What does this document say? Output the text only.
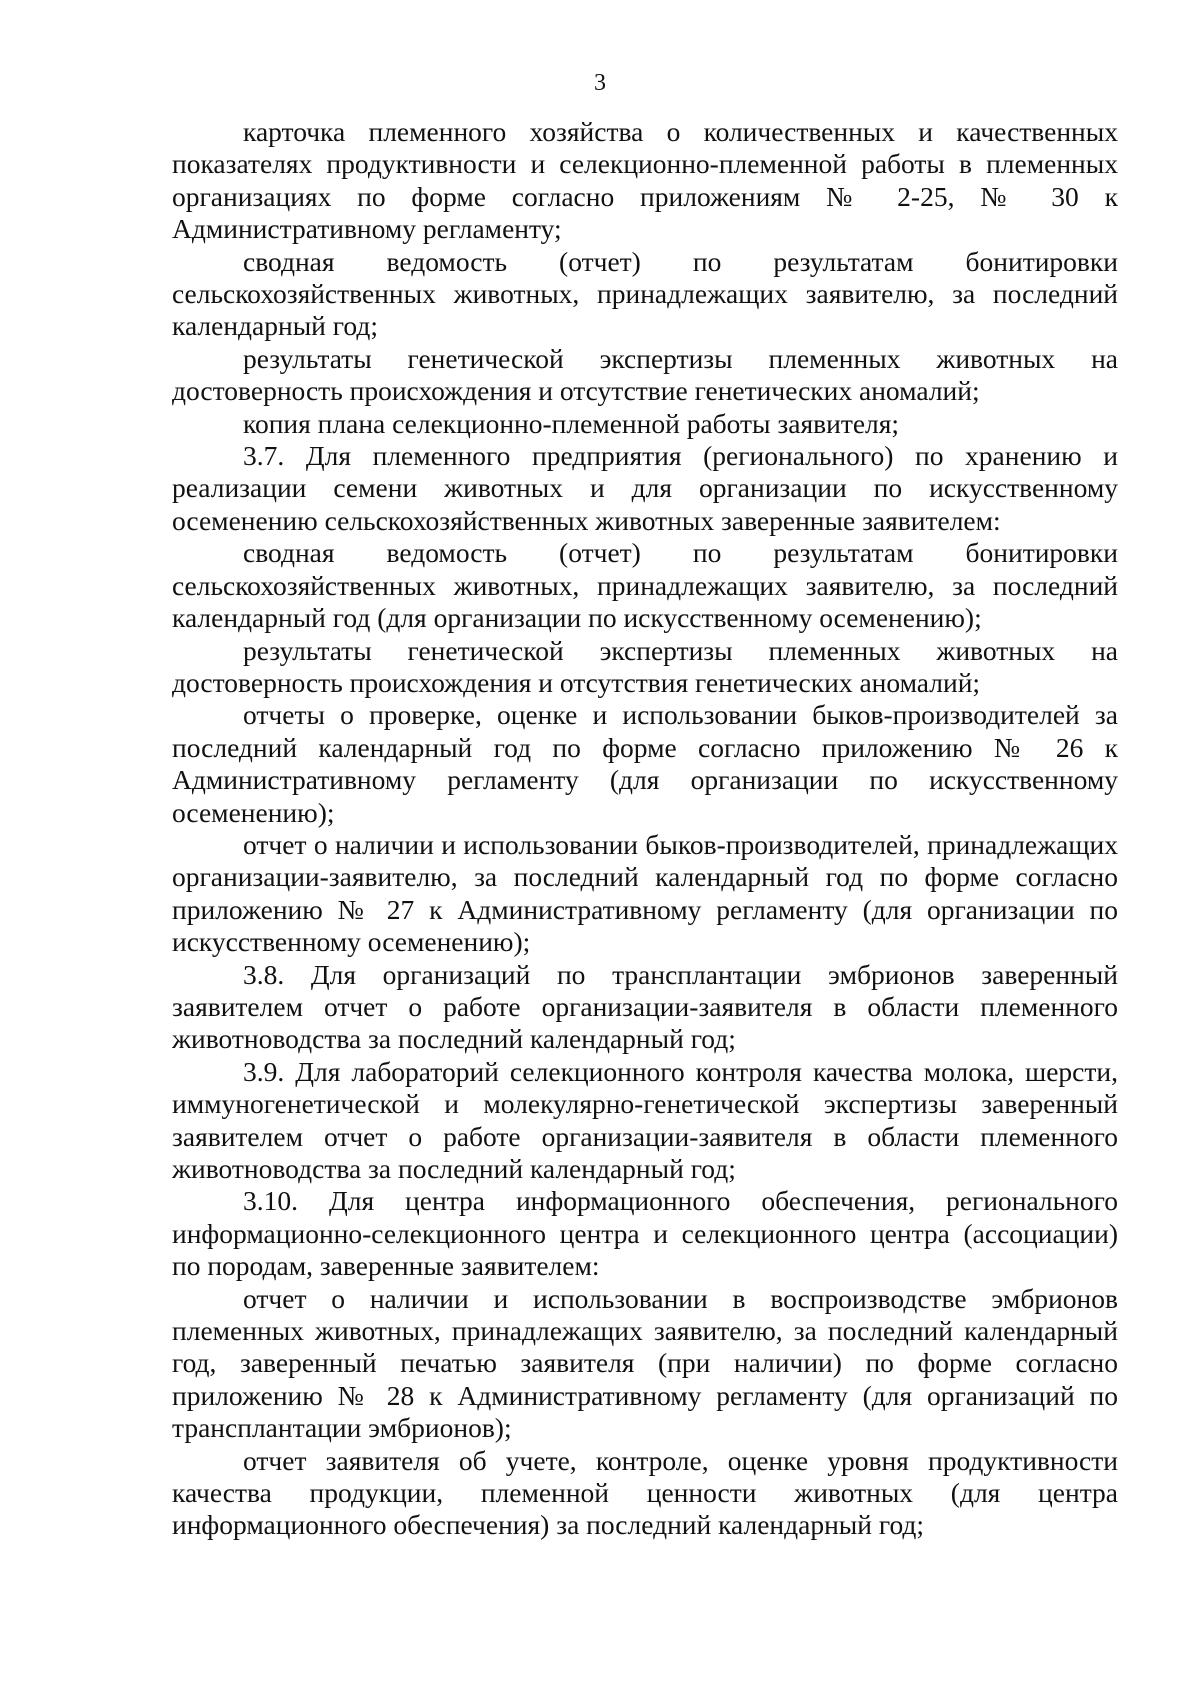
3

карточка племенного хозяйства о количественных и качественных показателях продуктивности и селекционно-племенной работы в племенных организациях по форме согласно приложениям № 2-25, № 30 к Административному регламенту;

сводная ведомость (отчет) по результатам бонитировки сельскохозяйственных животных, принадлежащих заявителю, за последний календарный год;

результаты генетической экспертизы племенных животных на достоверность происхождения и отсутствие генетических аномалий;

копия плана селекционно-племенной работы заявителя;

3.7. Для племенного предприятия (регионального) по хранению и реализации семени животных и для организации по искусственному осеменению сельскохозяйственных животных заверенные заявителем:

сводная ведомость (отчет) по результатам бонитировки сельскохозяйственных животных, принадлежащих заявителю, за последний календарный год (для организации по искусственному осеменению);

результаты генетической экспертизы племенных животных на достоверность происхождения и отсутствия генетических аномалий;

отчеты о проверке, оценке и использовании быков-производителей за последний календарный год по форме согласно приложению № 26 к Административному регламенту (для организации по искусственному осеменению);

отчет о наличии и использовании быков-производителей, принадлежащих организации-заявителю, за последний календарный год по форме согласно приложению № 27 к Административному регламенту (для организации по искусственному осеменению);

3.8. Для организаций по трансплантации эмбрионов заверенный заявителем отчет о работе организации-заявителя в области племенного животноводства за последний календарный год;

3.9. Для лабораторий селекционного контроля качества молока, шерсти, иммуногенетической и молекулярно-генетической экспертизы заверенный заявителем отчет о работе организации-заявителя в области племенного животноводства за последний календарный год;

3.10. Для центра информационного обеспечения, регионального информационно-селекционного центра и селекционного центра (ассоциации) по породам, заверенные заявителем:

отчет о наличии и использовании в воспроизводстве эмбрионов племенных животных, принадлежащих заявителю, за последний календарный год, заверенный печатью заявителя (при наличии) по форме согласно приложению № 28 к Административному регламенту (для организаций по трансплантации эмбрионов);

отчет заявителя об учете, контроле, оценке уровня продуктивности качества продукции, племенной ценности животных (для центра информационного обеспечения) за последний календарный год;
